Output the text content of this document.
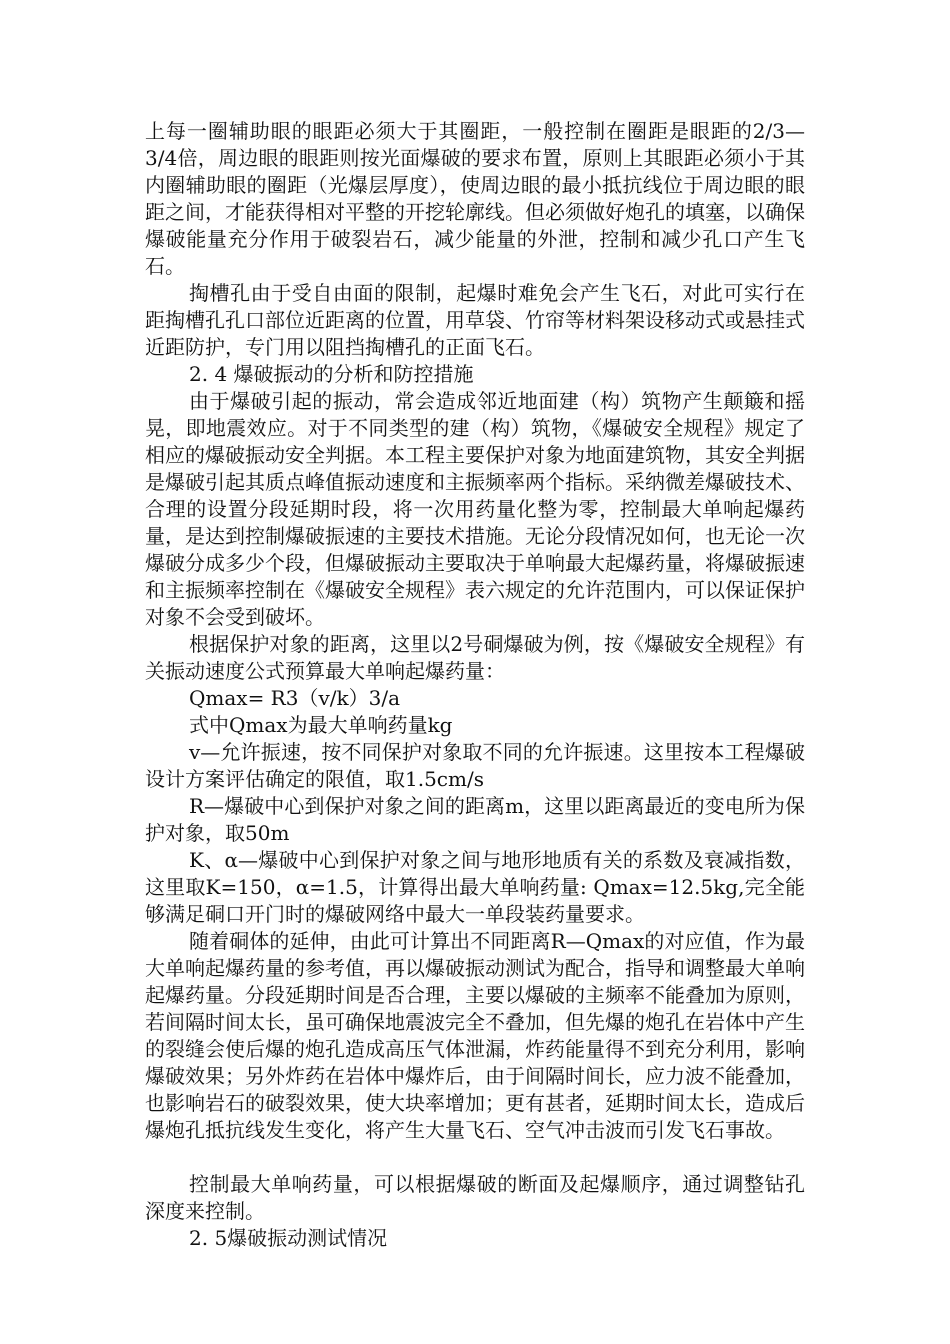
上每一圈辅助眼的眼距必须大于其圈距，一般控制在圈距是眼距的2/3—3/4倍，周边眼的眼距则按光面爆破的要求布置，原则上其眼距必须小于其内圈辅助眼的圈距（光爆层厚度），使周边眼的最小抵抗线位于周边眼的眼距之间，才能获得相对平整的开挖轮廓线。但必须做好炮孔的填塞，以确保爆破能量充分作用于破裂岩石，减少能量的外泄，控制和减少孔口产生飞石。

掏槽孔由于受自由面的限制，起爆时难免会产生飞石，对此可实行在距掏槽孔孔口部位近距离的位置，用草袋、竹帘等材料架设移动式或悬挂式近距防护，专门用以阻挡掏槽孔的正面飞石。

2. 4 爆破振动的分析和防控措施

由于爆破引起的振动，常会造成邻近地面建（构）筑物产生颠簸和摇晃，即地震效应。对于不同类型的建（构）筑物，《爆破安全规程》规定了相应的爆破振动安全判据。本工程主要保护对象为地面建筑物，其安全判据是爆破引起其质点峰值振动速度和主振频率两个指标。采纳微差爆破技术、合理的设置分段延期时段，将一次用药量化整为零，控制最大单响起爆药量，是达到控制爆破振速的主要技术措施。无论分段情况如何，也无论一次爆破分成多少个段，但爆破振动主要取决于单响最大起爆药量，将爆破振速和主振频率控制在《爆破安全规程》表六规定的允许范围内，可以保证保护对象不会受到破坏。

根据保护对象的距离，这里以2号硐爆破为例，按《爆破安全规程》有关振动速度公式预算最大单响起爆药量：

Qmax= R3（v/k）3/a

式中Qmax为最大单响药量kg

v—允许振速，按不同保护对象取不同的允许振速。这里按本工程爆破设计方案评估确定的限值，取1.5cm/s

R—爆破中心到保护对象之间的距离m，这里以距离最近的变电所为保护对象，取50m

K、α—爆破中心到保护对象之间与地形地质有关的系数及衰减指数，这里取K=150，α=1.5，计算得出最大单响药量: Qmax=12.5kg,完全能够满足硐口开门时的爆破网络中最大一单段装药量要求。

随着硐体的延伸，由此可计算出不同距离R—Qmax的对应值，作为最大单响起爆药量的参考值，再以爆破振动测试为配合，指导和调整最大单响起爆药量。分段延期时间是否合理，主要以爆破的主频率不能叠加为原则，若间隔时间太长，虽可确保地震波完全不叠加，但先爆的炮孔在岩体中产生的裂缝会使后爆的炮孔造成高压气体泄漏，炸药能量得不到充分利用，影响爆破效果；另外炸药在岩体中爆炸后，由于间隔时间长，应力波不能叠加，也影响岩石的破裂效果，使大块率增加；更有甚者，延期时间太长，造成后爆炮孔抵抗线发生变化，将产生大量飞石、空气冲击波而引发飞石事故。

控制最大单响药量，可以根据爆破的断面及起爆顺序，通过调整钻孔深度来控制。

2. 5爆破振动测试情况
